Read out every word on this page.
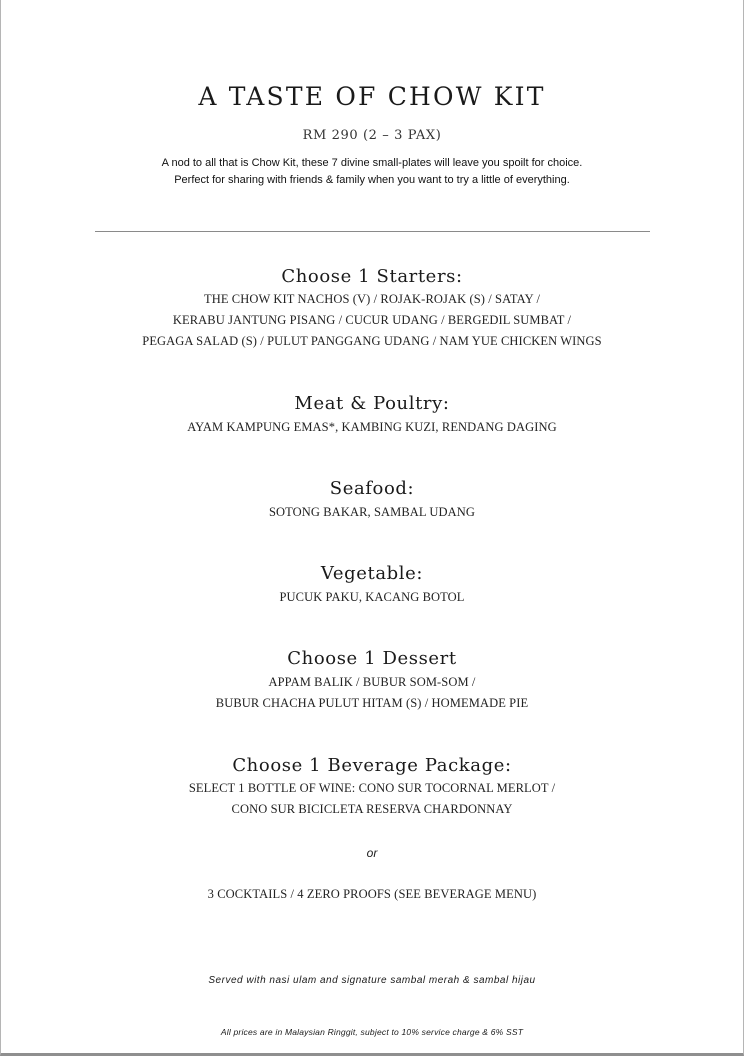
A TASTE OF CHOW KIT
RM 290 (2 – 3 PAX)
A nod to all that is Chow Kit, these 7 divine small-plates will leave you spoilt for choice.
Perfect for sharing with friends & family when you want to try a little of everything.
Choose 1 Starters:
THE CHOW KIT NACHOS (V) / ROJAK-ROJAK (S) / SATAY /
KERABU JANTUNG PISANG / CUCUR UDANG / BERGEDIL SUMBAT /
PEGAGA SALAD (S) / PULUT PANGGANG UDANG / NAM YUE CHICKEN WINGS
Meat & Poultry:
AYAM KAMPUNG EMAS*, KAMBING KUZI, RENDANG DAGING
Seafood:
SOTONG BAKAR, SAMBAL UDANG
Vegetable:
PUCUK PAKU, KACANG BOTOL
Choose 1 Dessert
APPAM BALIK / BUBUR SOM-SOM /
BUBUR CHACHA PULUT HITAM (S) / HOMEMADE PIE
Choose 1 Beverage Package:
SELECT 1 BOTTLE OF WINE: CONO SUR TOCORNAL MERLOT /
CONO SUR BICICLETA RESERVA CHARDONNAY
or
3 COCKTAILS / 4 ZERO PROOFS (SEE BEVERAGE MENU)
Served with nasi ulam and signature sambal merah & sambal hijau
All prices are in Malaysian Ringgit, subject to 10% service charge & 6% SST
